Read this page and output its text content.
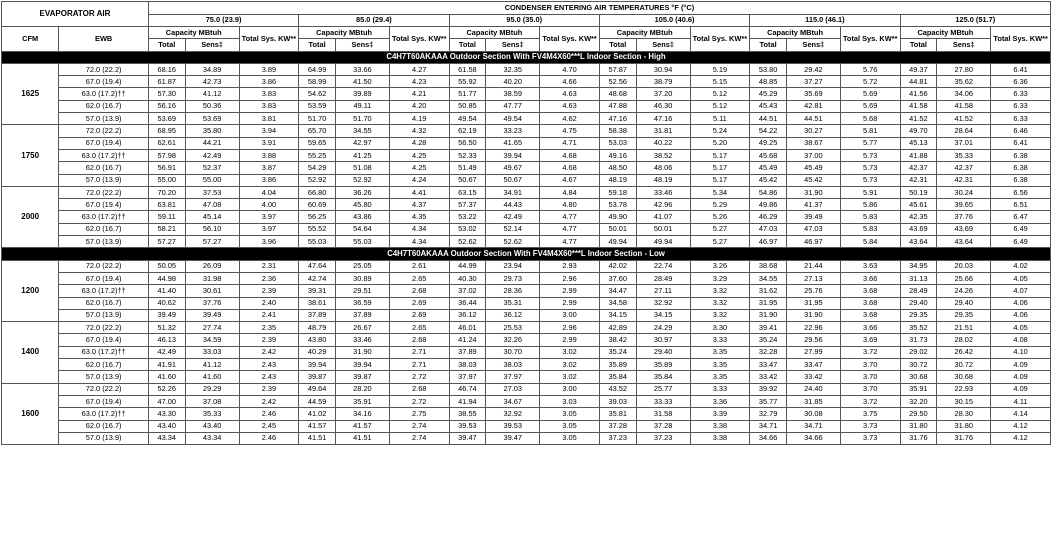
EVAPORATOR AIR		CONDENSER ENTERING AIR TEMPERATURES °F (°C)																	
		75.0 (23.9)			85.0 (29.4)			95.0 (35.0)			105.0 (40.6)			115.0 (46.1)			125.0 (51.7)		
CFM	EWB	Capacity MBtuh		Total Sys. KW**	Capacity MBtuh		Total Sys. KW**	Capacity MBtuh		Total Sys. KW**	Capacity MBtuh		Total Sys. KW**	Capacity MBtuh		Total Sys. KW**	Capacity MBtuh		Total Sys. KW**
		Total	Sens‡		Total	Sens‡		Total	Sens‡		Total	Sens‡		Total	Sens‡		Total	Sens‡	
C4H7T60AKAAA Outdoor Section With FV4M4X60***L Indoor Section - High																			
1625	72.0 (22.2)	68.16	34.89	3.89	64.99	33.66	4.27	61.58	32.35	4.70	57.87	30.94	5.19	53.80	29.42	5.76	49.37	27.80	6.41
	67.0 (19.4)	61.87	42.73	3.86	58.99	41.50	4.23	55.92	40.20	4.66	52.56	38.79	5.15	48.85	37.27	5.72	44.81	35.62	6.36
	63.0 (17.2)††	57.30	41.12	3.83	54.62	39.89	4.21	51.77	38.59	4.63	48.68	37.20	5.12	45.29	35.69	5.69	41.56	34.06	6.33
	62.0 (16.7)	56.16	50.36	3.83	53.59	49.11	4.20	50.85	47.77	4.63	47.88	46.30	5.12	45.43	42.81	5.69	41.58	41.58	6.33
	57.0 (13.9)	53.69	53.69	3.81	51.70	51.70	4.19	49.54	49.54	4.62	47.16	47.16	5.11	44.51	44.51	5.68	41.52	41.52	6.33
1750	72.0 (22.2)	68.95	35.80	3.94	65.70	34.55	4.32	62.19	33.23	4.75	58.38	31.81	5.24	54.22	30.27	5.81	49.70	28.64	6.46
	67.0 (19.4)	62.61	44.21	3.91	59.65	42.97	4.28	56.50	41.65	4.71	53.03	40.22	5.20	49.25	38.67	5.77	45.13	37.01	6.41
	63.0 (17.2)††	57.98	42.49	3.88	55.25	41.25	4.25	52.33	39.94	4.68	49.16	38.52	5.17	45.68	37.00	5.73	41.88	35.33	6.38
	62.0 (16.7)	56.91	52.37	3.87	54.29	51.08	4.25	51.49	49.67	4.68	48.50	48.06	5.17	45.49	45.49	5.73	42.37	42.37	6.38
	57.0 (13.9)	55.00	55.00	3.86	52.92	52.92	4.24	50.67	50.67	4.67	48.19	48.19	5.17	45.42	45.42	5.73	42.31	42.31	6.38
2000	72.0 (22.2)	70.20	37.53	4.04	66.80	36.26	4.41	63.15	34.91	4.84	59.18	33.46	5.34	54.86	31.90	5.91	50.19	30.24	6.56
	67.0 (19.4)	63.81	47.08	4.00	60.69	45.80	4.37	57.37	44.43	4.80	53.78	42.96	5.29	49.86	41.37	5.86	45.61	39.65	6.51
	63.0 (17.2)††	59.11	45.14	3.97	56.25	43.86	4.35	53.22	42.49	4.77	49.90	41.07	5.26	46.29	39.49	5.83	42.35	37.76	6.47
	62.0 (16.7)	58.21	56.10	3.97	55.52	54.64	4.34	53.02	52.14	4.77	50.01	50.01	5.27	47.03	47.03	5.83	43.69	43.69	6.49
	57.0 (13.9)	57.27	57.27	3.96	55.03	55.03	4.34	52.62	52.62	4.77	49.94	49.94	5.27	46.97	46.97	5.84	43.64	43.64	6.49
C4H7T60AKAAA Outdoor Section With FV4M4X60***L Indoor Section - Low																			
1200	72.0 (22.2)	50.05	26.09	2.31	47.64	25.05	2.61	44.99	23.94	2.93	42.02	22.74	3.26	38.68	21.44	3.63	34.95	20.03	4.02
	67.0 (19.4)	44.98	31.98	2.36	42.74	30.89	2.65	40.30	29.73	2.96	37.60	28.49	3.29	34.55	27.13	3.66	31.13	25.66	4.05
	63.0 (17.2)††	41.40	30.61	2.39	39.31	29.51	2.68	37.02	28.36	2.99	34.47	27.11	3.32	31.62	25.76	3.68	28.49	24.26	4.07
	62.0 (16.7)	40.62	37.76	2.40	38.61	36.59	2.69	36.44	35.31	2.99	34.58	32.92	3.32	31.95	31.95	3.68	29.40	29.40	4.06
	57.0 (13.9)	39.49	39.49	2.41	37.89	37.89	2.69	36.12	36.12	3.00	34.15	34.15	3.32	31.90	31.90	3.68	29.35	29.35	4.06
1400	72.0 (22.2)	51.32	27.74	2.35	48.79	26.67	2.65	46.01	25.53	2.96	42.89	24.29	3.30	39.41	22.96	3.66	35.52	21.51	4.05
	67.0 (19.4)	46.13	34.59	2.39	43.80	33.46	2.68	41.24	32.26	2.99	38.42	30.97	3.33	35.24	29.56	3.69	31.73	28.02	4.08
	63.0 (17.2)††	42.49	33.03	2.42	40.29	31.90	2.71	37.89	30.70	3.02	35.24	29.40	3.35	32.28	27.99	3.72	29.02	26.42	4.10
	62.0 (16.7)	41.91	41.12	2.43	39.94	39.94	2.71	38.03	38.03	3.02	35.89	35.89	3.35	33.47	33.47	3.70	30.72	30.72	4.09
	57.0 (13.9)	41.60	41.60	2.43	39.87	39.87	2.72	37.97	37.97	3.02	35.84	35.84	3.35	33.42	33.42	3.70	30.68	30.68	4.09
1600	72.0 (22.2)	52.26	29.29	2.39	49.64	28.20	2.68	46.74	27.03	3.00	43.52	25.77	3.33	39.92	24.40	3.70	35.91	22.93	4.09
	67.0 (19.4)	47.00	37.08	2.42	44.59	35.91	2.72	41.94	34.67	3.03	39.03	33.33	3.36	35.77	31.85	3.72	32.20	30.15	4.11
	63.0 (17.2)††	43.30	35.33	2.46	41.02	34.16	2.75	38.55	32.92	3.05	35.81	31.58	3.39	32.79	30.08	3.75	29.50	28.30	4.14
	62.0 (16.7)	43.40	43.40	2.45	41.57	41.57	2.74	39.53	39.53	3.05	37.28	37.28	3.38	34.71	34.71	3.73	31.80	31.80	4.12
	57.0 (13.9)	43.34	43.34	2.46	41.51	41.51	2.74	39.47	39.47	3.05	37.23	37.23	3.38	34.66	34.66	3.73	31.76	31.76	4.12
